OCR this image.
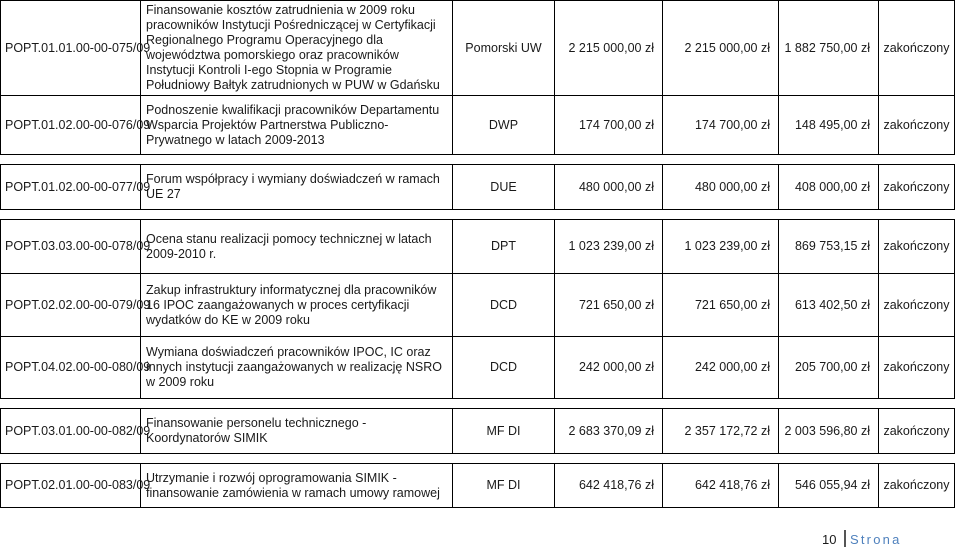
POPT.01.01.00-00-075/09	Finansowanie kosztów zatrudnienia w 2009 roku pracowników Instytucji Pośredniczącej w Certyfikacji Regionalnego Programu Operacyjnego dla województwa pomorskiego oraz pracowników Instytucji Kontroli I-ego Stopnia w Programie Południowy Bałtyk zatrudnionych w PUW w Gdańsku	Pomorski UW	2 215 000,00 zł	2 215 000,00 zł	1 882 750,00 zł	zakończony
POPT.01.02.00-00-076/09	Podnoszenie kwalifikacji pracowników Departamentu Wsparcia Projektów Partnerstwa Publiczno-Prywatnego w latach 2009-2013	DWP	174 700,00 zł	174 700,00 zł	148 495,00 zł	zakończony

POPT.01.02.00-00-077/09	Forum współpracy i wymiany doświadczeń w ramach UE 27	DUE	480 000,00 zł	480 000,00 zł	408 000,00 zł	zakończony

POPT.03.03.00-00-078/09	Ocena stanu realizacji pomocy technicznej w latach 2009-2010 r.	DPT	1 023 239,00 zł	1 023 239,00 zł	869 753,15 zł	zakończony
POPT.02.02.00-00-079/09	Zakup infrastruktury informatycznej dla pracowników 16 IPOC zaangażowanych w proces certyfikacji wydatków do KE w 2009 roku	DCD	721 650,00 zł	721 650,00 zł	613 402,50 zł	zakończony
POPT.04.02.00-00-080/09	Wymiana doświadczeń pracowników IPOC, IC oraz innych instytucji zaangażowanych w realizację NSRO w 2009 roku	DCD	242 000,00 zł	242 000,00 zł	205 700,00 zł	zakończony

POPT.03.01.00-00-082/09	Finansowanie personelu technicznego - Koordynatorów SIMIK	MF DI	2 683 370,09 zł	2 357 172,72 zł	2 003 596,80 zł	zakończony

POPT.02.01.00-00-083/09	Utrzymanie i rozwój oprogramowania SIMIK - finansowanie zamówienia w ramach umowy ramowej	MF DI	642 418,76 zł	642 418,76 zł	546 055,94 zł	zakończony
10 Strona
